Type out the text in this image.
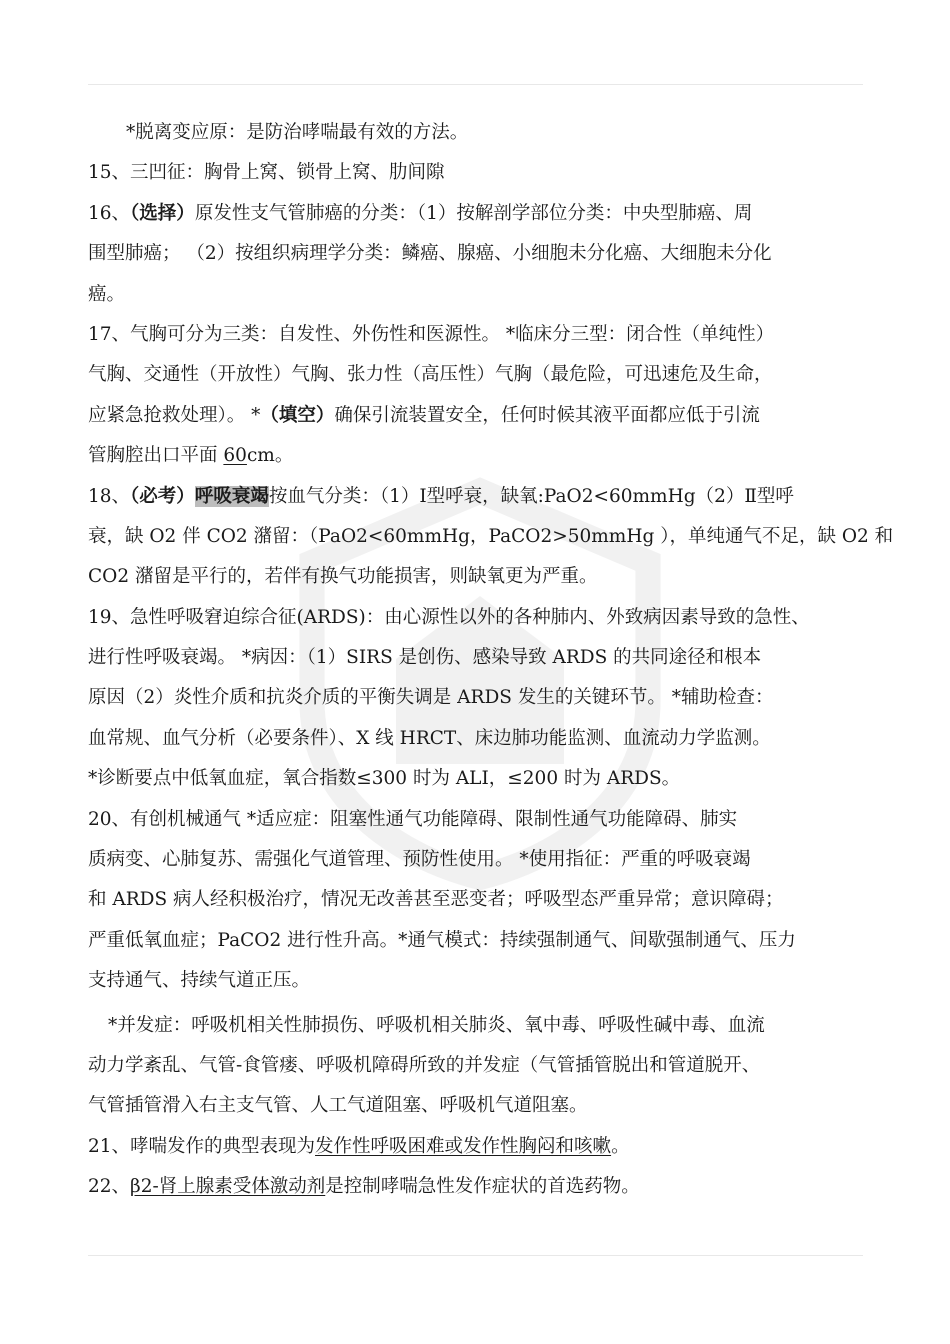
*脱离变应原：是防治哮喘最有效的方法。
15、三凹征：胸骨上窝、锁骨上窝、肋间隙
16、（选择）原发性支气管肺癌的分类：（1）按解剖学部位分类：中央型肺癌、周
围型肺癌； （2）按组织病理学分类：鳞癌、腺癌、小细胞未分化癌、大细胞未分化
癌。
17、气胸可分为三类：自发性、外伤性和医源性。 *临床分三型：闭合性（单纯性）
气胸、交通性（开放性）气胸、张力性（高压性）气胸（最危险，可迅速危及生命，
应紧急抢救处理）。 *（填空）确保引流装置安全，任何时候其液平面都应低于引流
管胸腔出口平面 60cm。
18、（必考）呼吸衰竭按血气分类：（1）Ⅰ型呼衰，缺氧:PaO2<60mmHg（2）Ⅱ型呼
衰，缺 O2 伴 CO2 潴留：（PaO2<60mmHg，PaCO2>50mmHg ），单纯通气不足，缺 O2 和
CO2 潴留是平行的，若伴有换气功能损害，则缺氧更为严重。
19、急性呼吸窘迫综合征(ARDS)：由心源性以外的各种肺内、外致病因素导致的急性、
进行性呼吸衰竭。 *病因：（1）SIRS 是创伤、感染导致 ARDS 的共同途径和根本
原因（2）炎性介质和抗炎介质的平衡失调是 ARDS 发生的关键环节。 *辅助检查：
血常规、血气分析（必要条件）、X 线 HRCT、床边肺功能监测、血流动力学监测。
*诊断要点中低氧血症，氧合指数≤300 时为 ALI，≤200 时为 ARDS。
20、有创机械通气 *适应症：阻塞性通气功能障碍、限制性通气功能障碍、肺实
质病变、心肺复苏、需强化气道管理、预防性使用。 *使用指征：严重的呼吸衰竭
和 ARDS 病人经积极治疗，情况无改善甚至恶变者；呼吸型态严重异常；意识障碍；
严重低氧血症；PaCO2 进行性升高。*通气模式：持续强制通气、间歇强制通气、压力
支持通气、持续气道正压。
*并发症：呼吸机相关性肺损伤、呼吸机相关肺炎、氧中毒、呼吸性碱中毒、血流
动力学紊乱、气管-食管瘘、呼吸机障碍所致的并发症（气管插管脱出和管道脱开、
气管插管滑入右主支气管、人工气道阻塞、呼吸机气道阻塞。
21、哮喘发作的典型表现为发作性呼吸困难或发作性胸闷和咳嗽。
22、β2-肾上腺素受体激动剂是控制哮喘急性发作症状的首选药物。
